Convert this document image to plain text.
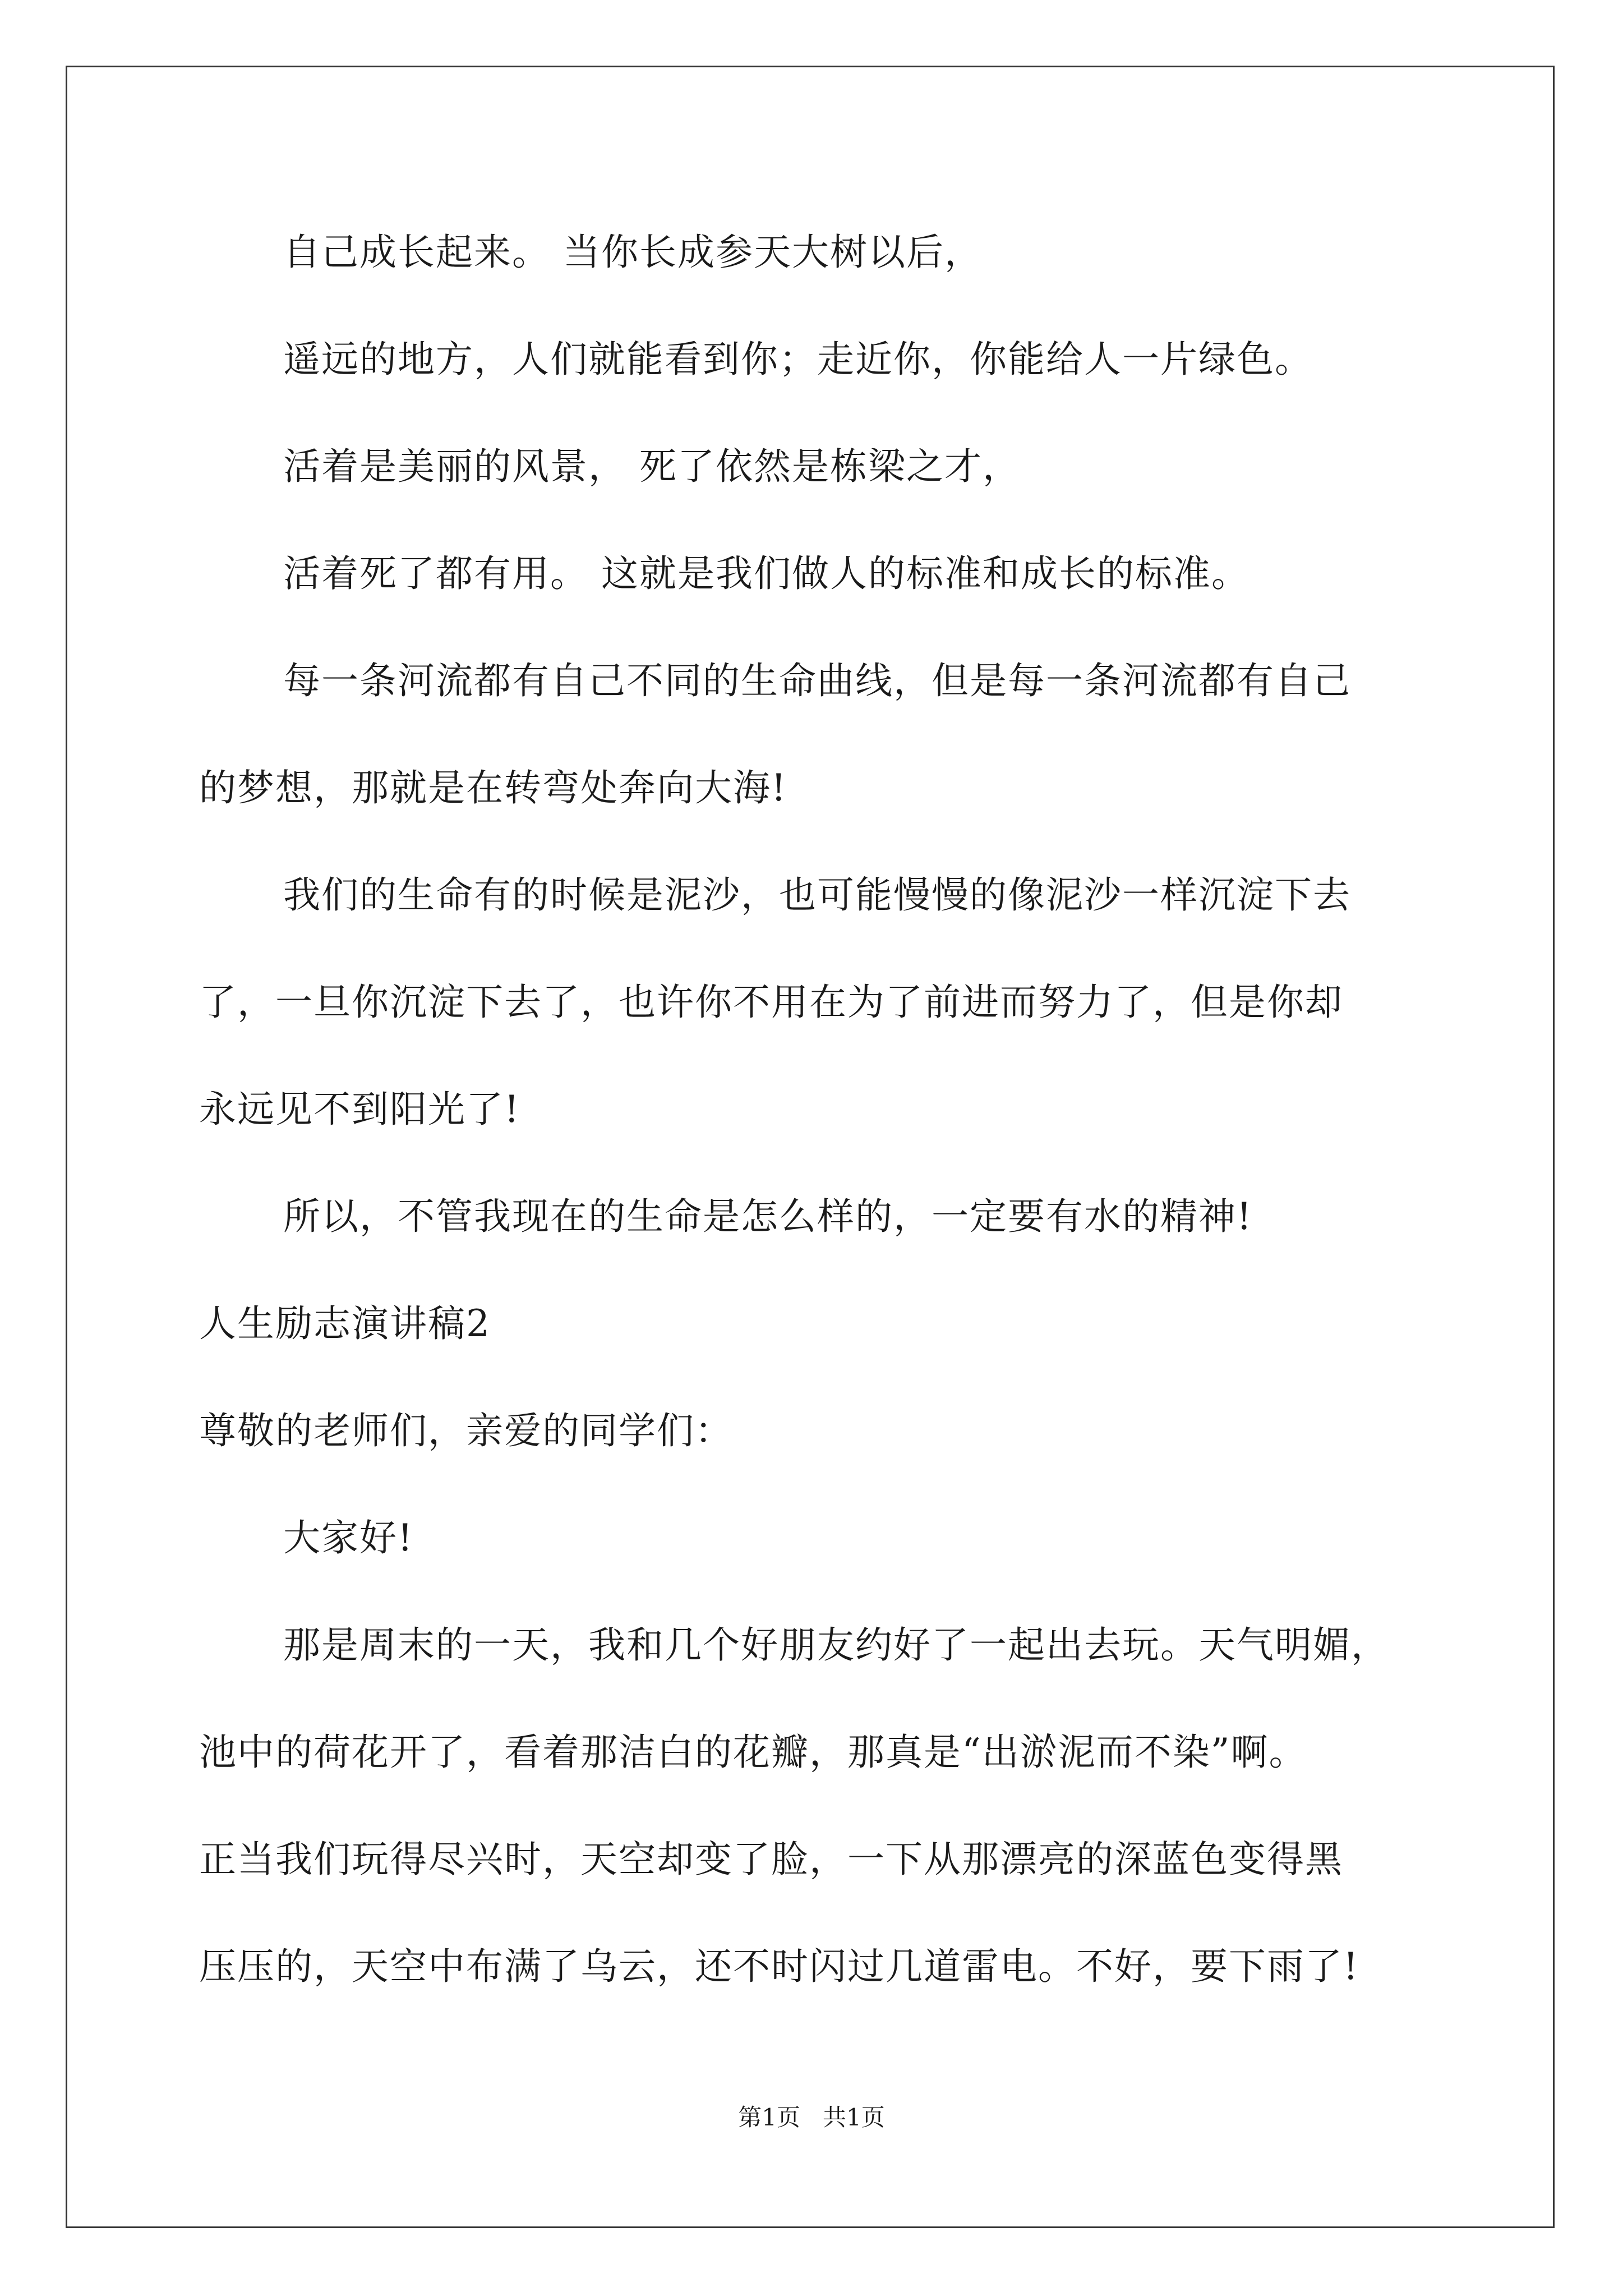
自己成长起来。 当你长成参天大树以后，
遥远的地方，人们就能看到你；走近你，你能给人一片绿色。
活着是美丽的风景， 死了依然是栋梁之才，
活着死了都有用。 这就是我们做人的标准和成长的标准。
每一条河流都有自己不同的生命曲线，但是每一条河流都有自己
的梦想，那就是在转弯处奔向大海!
我们的生命有的时候是泥沙，也可能慢慢的像泥沙一样沉淀下去
了，一旦你沉淀下去了，也许你不用在为了前进而努力了，但是你却
永远见不到阳光了!
所以，不管我现在的生命是怎么样的，一定要有水的精神!
人生励志演讲稿2
尊敬的老师们，亲爱的同学们：
大家好!
那是周末的一天，我和几个好朋友约好了一起出去玩。天气明媚，
池中的荷花开了，看着那洁白的花瓣，那真是“出淤泥而不染”啊。
正当我们玩得尽兴时，天空却变了脸，一下从那漂亮的深蓝色变得黑
压压的，天空中布满了乌云，还不时闪过几道雷电。不好，要下雨了!
第1页   共1页
